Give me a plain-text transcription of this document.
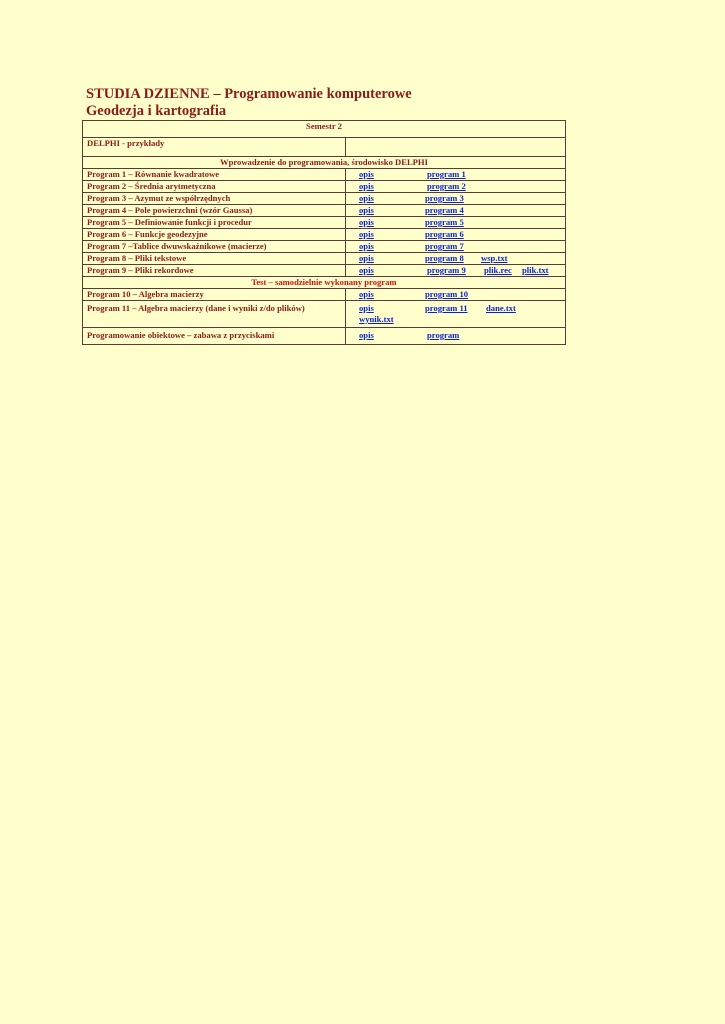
STUDIA DZIENNE – Programowanie komputerowe
Geodezja i kartografia
Semestr 2	
DELPHI - przykłady	
Wprowadzenie do programowania, środowisko DELPHI	
Program 1 – Równanie kwadratowe	opis program 1

Program 2 – Średnia arytmetyczna	opis program 2

Program 3 – Azymut ze współrzędnych	opis program 3

Program 4 – Pole powierzchni (wzór Gaussa)	opis program 4

Program 5 – Definiowanie funkcji i procedur	opis program 5

Program 6 – Funkcje geodezyjne	opis program 6

Program 7 –Tablice dwuwskaźnikowe (macierze)	opis program 7

Program 8 – Pliki tekstowe	opis program 8 wsp.txt

Program 9 – Pliki rekordowe	opis program 9 plik.rec plik.txt

Test – samodzielnie wykonany program	
Program 10 – Algebra macierzy	opis program 10

Program 11 – Algebra macierzy (dane i wyniki z/do plików)	opis program 11 dane.txt
wynik.txt

Programowanie obiektowe – zabawa z przyciskami	opis program
